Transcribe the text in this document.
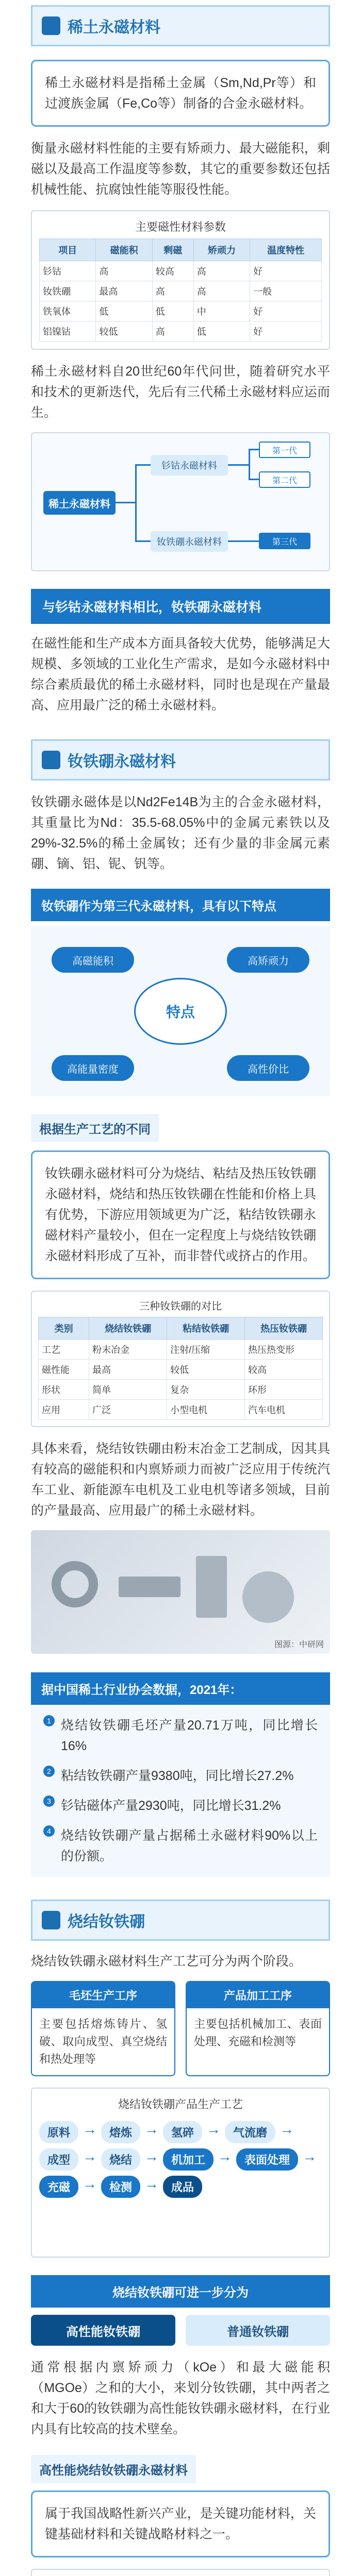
稀土永磁材料
稀土永磁材料是指稀土金属（Sm,Nd,Pr等）和过渡族金属（Fe,Co等）制备的合金永磁材料。
衡量永磁材料性能的主要有矫顽力、最大磁能积，剩磁以及最高工作温度等参数，其它的重要参数还包括机械性能、抗腐蚀性能等服役性能。
主要磁性材料参数
项目	磁能积	剩磁	矫顽力	温度特性
钐钴	高	较高	高	好
钕铁硼	最高	高	高	一般
铁氧体	低	低	中	好
铝镍钴	较低	高	低	好
稀土永磁材料自20世纪60年代问世，随着研究水平和技术的更新迭代，先后有三代稀土永磁材料应运而生。
稀土永磁材料
钐钴永磁材料
钕铁硼永磁材料
第一代
第二代
第三代
与钐钴永磁材料相比，钕铁硼永磁材料
在磁性能和生产成本方面具备较大优势，能够满足大规模、多领域的工业化生产需求，是如今永磁材料中综合素质最优的稀土永磁材料，同时也是现在产量最高、应用最广泛的稀土永磁材料。
钕铁硼永磁材料
钕铁硼永磁体是以Nd2Fe14B为主的合金永磁材料，其重量比为Nd：35.5-68.05%中的金属元素铁以及29%-32.5%的稀土金属钕；还有少量的非金属元素硼、镝、铝、铌、钒等。
钕铁硼作为第三代永磁材料，具有以下特点
特点
高磁能积	高矫顽力
高能量密度	高性价比
根据生产工艺的不同
钕铁硼永磁材料可分为烧结、粘结及热压钕铁硼永磁材料，烧结和热压钕铁硼在性能和价格上具有优势，下游应用领域更为广泛，粘结钕铁硼永磁材料产量较小，但在一定程度上与烧结钕铁硼永磁材料形成了互补，而非替代或挤占的作用。
三种钕铁硼的对比
类别	烧结钕铁硼	粘结钕铁硼	热压钕铁硼
工艺	粉末冶金	注射/压缩	热压热变形
磁性能	最高	较低	较高
形状	简单	复杂	环形
应用	广泛	小型电机	汽车电机
具体来看，烧结钕铁硼由粉末冶金工艺制成，因其具有较高的磁能积和内禀矫顽力而被广泛应用于传统汽车工业、新能源车电机及工业电机等诸多领域，目前的产量最高、应用最广的稀土永磁材料。
图源：中研网
据中国稀土行业协会数据，2021年：
1 烧结钕铁硼毛坯产量20.71万吨，同比增长16%
2 粘结钕铁硼产量9380吨，同比增长27.2%
3 钐钴磁体产量2930吨，同比增长31.2%
4 烧结钕铁硼产量占据稀土永磁材料90%以上的份额。
烧结钕铁硼
烧结钕铁硼永磁材料生产工艺可分为两个阶段。
毛坯生产工序
主要包括熔炼铸片、氢破、取向成型、真空烧结和热处理等
产品加工工序
主要包括机械加工、表面处理、充磁和检测等
烧结钕铁硼产品生产工艺
原料 →	熔炼 →	氢碎 →	气流磨 →
成型 →	烧结 →	机加工 →	表面处理 →
充磁 →	检测 →	成品
烧结钕铁硼可进一步分为
高性能钕铁硼	普通钕铁硼
通常根据内禀矫顽力（kOe）和最大磁能积（MGOe）之和的大小，来划分钕铁硼，其中两者之和大于60的钕铁硼为高性能钕铁硼永磁材料，在行业内具有比较高的技术壁垒。
高性能烧结钕铁硼永磁材料
属于我国战略性新兴产业，是关键功能材料，关键基础材料和关键战略材料之一。
